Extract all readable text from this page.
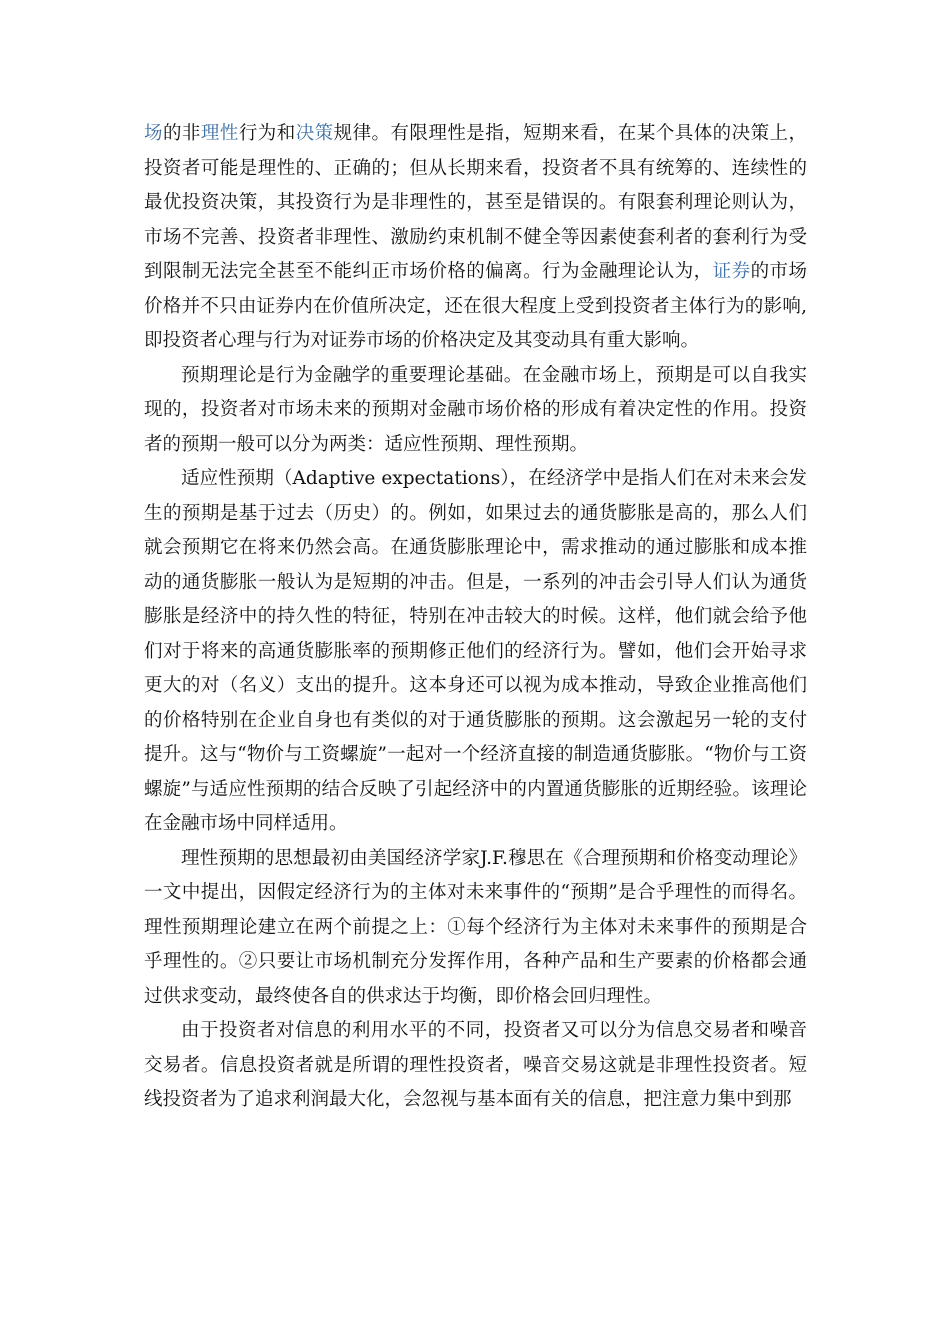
场的非理性行为和决策规律。有限理性是指，短期来看，在某个具体的决策上，投资者可能是理性的、正确的；但从长期来看，投资者不具有统筹的、连续性的最优投资决策，其投资行为是非理性的，甚至是错误的。有限套利理论则认为，市场不完善、投资者非理性、激励约束机制不健全等因素使套利者的套利行为受到限制无法完全甚至不能纠正市场价格的偏离。行为金融理论认为，证券的市场价格并不只由证券内在价值所决定，还在很大程度上受到投资者主体行为的影响,即投资者心理与行为对证券市场的价格决定及其变动具有重大影响。

预期理论是行为金融学的重要理论基础。在金融市场上，预期是可以自我实现的，投资者对市场未来的预期对金融市场价格的形成有着决定性的作用。投资者的预期一般可以分为两类：适应性预期、理性预期。

适应性预期（Adaptive expectations），在经济学中是指人们在对未来会发生的预期是基于过去（历史）的。例如，如果过去的通货膨胀是高的，那么人们就会预期它在将来仍然会高。在通货膨胀理论中，需求推动的通过膨胀和成本推动的通货膨胀一般认为是短期的冲击。但是，一系列的冲击会引导人们认为通货膨胀是经济中的持久性的特征，特别在冲击较大的时候。这样，他们就会给予他们对于将来的高通货膨胀率的预期修正他们的经济行为。譬如，他们会开始寻求更大的对（名义）支出的提升。这本身还可以视为成本推动，导致企业推高他们的价格特别在企业自身也有类似的对于通货膨胀的预期。这会激起另一轮的支付提升。这与“物价与工资螺旋”一起对一个经济直接的制造通货膨胀。“物价与工资螺旋”与适应性预期的结合反映了引起经济中的内置通货膨胀的近期经验。该理论在金融市场中同样适用。

理性预期的思想最初由美国经济学家J.F.穆思在《合理预期和价格变动理论》一文中提出，因假定经济行为的主体对未来事件的“预期”是合乎理性的而得名。理性预期理论建立在两个前提之上：①每个经济行为主体对未来事件的预期是合乎理性的。②只要让市场机制充分发挥作用，各种产品和生产要素的价格都会通过供求变动，最终使各自的供求达于均衡，即价格会回归理性。

由于投资者对信息的利用水平的不同，投资者又可以分为信息交易者和噪音交易者。信息投资者就是所谓的理性投资者，噪音交易这就是非理性投资者。短线投资者为了追求利润最大化，会忽视与基本面有关的信息，把注意力集中到那
